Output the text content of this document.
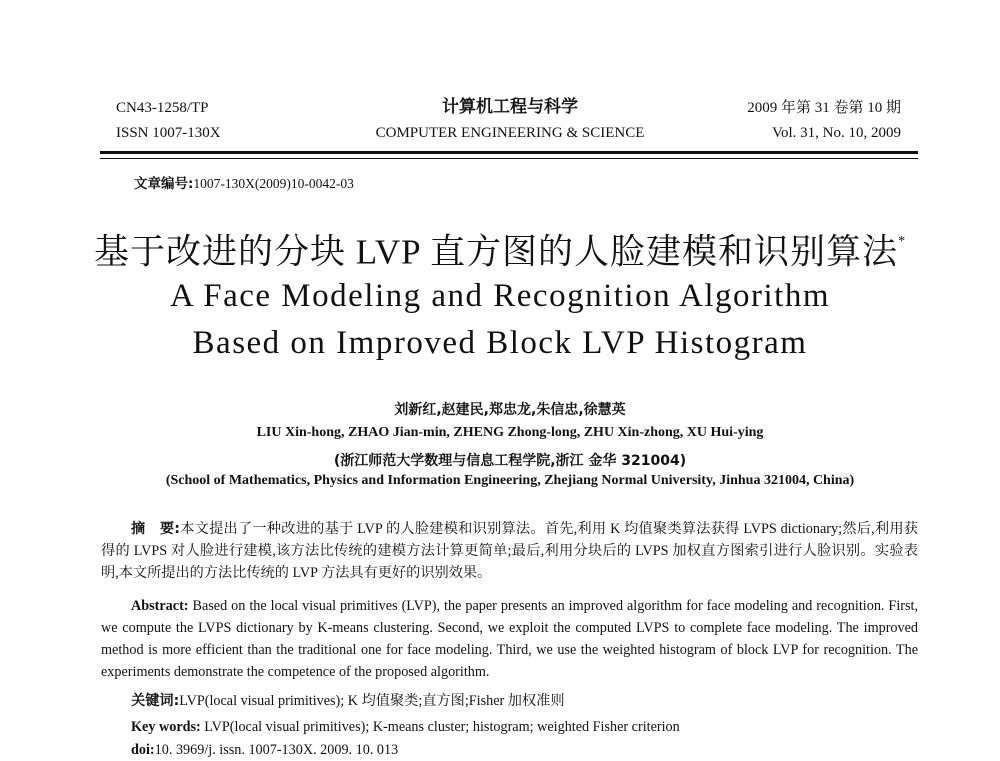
CN43-1258/TP
ISSN 1007-130X
计算机工程与科学
COMPUTER ENGINEERING & SCIENCE
2009 年第 31 卷第 10 期
Vol. 31, No. 10, 2009
文章编号:1007-130X(2009)10-0042-03
基于改进的分块 LVP 直方图的人脸建模和识别算法*
A Face Modeling and Recognition Algorithm
Based on Improved Block LVP Histogram
刘新红,赵建民,郑忠龙,朱信忠,徐慧英
LIU Xin-hong, ZHAO Jian-min, ZHENG Zhong-long, ZHU Xin-zhong, XU Hui-ying
(浙江师范大学数理与信息工程学院,浙江 金华 321004)
(School of Mathematics, Physics and Information Engineering, Zhejiang Normal University, Jinhua 321004, China)
摘　要:本文提出了一种改进的基于 LVP 的人脸建模和识别算法。首先,利用 K 均值聚类算法获得 LVPS dictionary;然后,利用获得的 LVPS 对人脸进行建模,该方法比传统的建模方法计算更简单;最后,利用分块后的 LVPS 加权直方图索引进行人脸识别。实验表明,本文所提出的方法比传统的 LVP 方法具有更好的识别效果。
Abstract: Based on the local visual primitives (LVP), the paper presents an improved algorithm for face modeling and recognition. First, we compute the LVPS dictionary by K-means clustering. Second, we exploit the computed LVPS to complete face modeling. The improved method is more efficient than the traditional one for face modeling. Third, we use the weighted histogram of block LVP for recognition. The experiments demonstrate the competence of the proposed algorithm.
关键词:LVP(local visual primitives); K 均值聚类;直方图;Fisher 加权准则
Key words: LVP(local visual primitives); K-means cluster; histogram; weighted Fisher criterion
doi:10. 3969/j. issn. 1007-130X. 2009. 10. 013
